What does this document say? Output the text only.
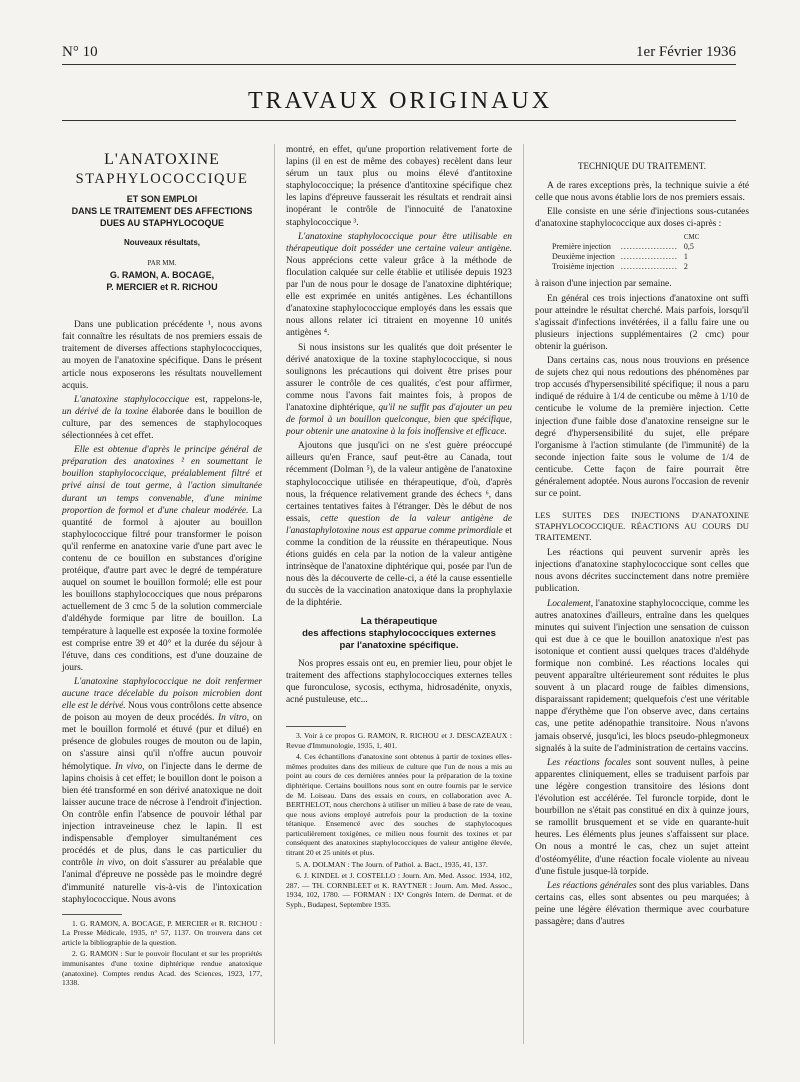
N° 10	1er Février 1936
TRAVAUX ORIGINAUX
L'ANATOXINE
STAPHYLOCOCCIQUE
ET SON EMPLOI
DANS LE TRAITEMENT DES AFFECTIONS
DUES AU STAPHYLOCOQUE
Nouveaux résultats,
PAR MM.
G. RAMON, A. BOCAGE,
P. MERCIER et R. RICHOU

Dans une publication précédente ¹, nous avons fait connaître les résultats de nos premiers essais de traitement de diverses affections staphylococciques, au moyen de l'anatoxine spécifique. Dans le présent article nous exposerons les résultats nouvellement acquis.

L'anatoxine staphylococcique est, rappelons-le, un dérivé de la toxine élaborée dans le bouillon de culture, par des semences de staphylocoques sélectionnées à cet effet.

Elle est obtenue d'après le principe général de préparation des anatoxines ² en soumettant le bouillon staphylococcique, préalablement filtré et privé ainsi de tout germe, à l'action simultanée durant un temps convenable, d'une minime proportion de formol et d'une chaleur modérée. La quantité de formol à ajouter au bouillon staphylococcique filtré pour transformer le poison qu'il renferme en anatoxine varie d'une part avec le contenu de ce bouillon en substances d'origine protéique, d'autre part avec le degré de température auquel on soumet le bouillon formolé; elle est pour les bouillons staphylococciques que nous préparons actuellement de 3 cmc 5 de la solution commerciale d'aldéhyde formique par litre de bouillon. La température à laquelle est exposée la toxine formolée est comprise entre 39 et 40° et la durée du séjour à l'étuve, dans ces conditions, est d'une douzaine de jours.

L'anatoxine staphylococcique ne doit renfermer aucune trace décelable du poison microbien dont elle est le dérivé. Nous vous contrôlons cette absence de poison au moyen de deux procédés. In vitro, on met le bouillon formolé et étuvé (pur et dilué) en présence de globules rouges de mouton ou de lapin, on s'assure ainsi qu'il n'offre aucun pouvoir hémolytique. In vivo, on l'injecte dans le derme de lapins choisis à cet effet; le bouillon dont le poison a bien été transformé en son dérivé anatoxique ne doit laisser aucune trace de nécrose à l'endroit d'injection. On contrôle enfin l'absence de pouvoir léthal par injection intraveineuse chez le lapin. Il est indispensable d'employer simultanément ces procédés et de plus, dans le cas particulier du contrôle in vivo, on doit s'assurer au préalable que l'animal d'épreuve ne possède pas le moindre degré d'immunité naturelle vis-à-vis de l'intoxication staphylococcique. Nous avons

1. G. RAMON, A. BOCAGE, P. MERCIER et R. RICHOU : La Presse Médicale, 1935, n° 57, 1137. On trouvera dans cet article la bibliographie de la question.

2. G. RAMON : Sur le pouvoir floculant et sur les propriétés immunisantes d'une toxine diphtérique rendue anatoxique (anatoxine). Comptes rendus Acad. des Sciences, 1923, 177, 1338.

montré, en effet, qu'une proportion relativement forte de lapins (il en est de même des cobayes) recèlent dans leur sérum un taux plus ou moins élevé d'antitoxine staphylococcique; la présence d'antitoxine spécifique chez les lapins d'épreuve fausserait les résultats et rendrait ainsi inopérant le contrôle de l'innocuité de l'anatoxine staphylococcique ³.

L'anatoxine staphylococcique pour être utilisable en thérapeutique doit posséder une certaine valeur antigène. Nous apprécions cette valeur grâce à la méthode de floculation calquée sur celle établie et utilisée depuis 1923 par l'un de nous pour le dosage de l'anatoxine diphtérique; elle est exprimée en unités antigènes. Les échantillons d'anatoxine staphylococcique employés dans les essais que nous allons relater ici titraient en moyenne 10 unités antigènes ⁴.

Si nous insistons sur les qualités que doit présenter le dérivé anatoxique de la toxine staphylococcique, si nous soulignons les précautions qui doivent être prises pour assurer le contrôle de ces qualités, c'est pour affirmer, comme nous l'avons fait maintes fois, à propos de l'anatoxine diphtérique, qu'il ne suffit pas d'ajouter un peu de formol à un bouillon quelconque, bien que spécifique, pour obtenir une anatoxine à la fois inoffensive et efficace.

Ajoutons que jusqu'ici on ne s'est guère préoccupé ailleurs qu'en France, sauf peut-être au Canada, tout récemment (Dolman ⁵), de la valeur antigène de l'anatoxine staphylococcique utilisée en thérapeutique, d'où, d'après nous, la fréquence relativement grande des échecs ⁶, dans certaines tentatives faites à l'étranger. Dès le début de nos essais, cette question de la valeur antigène de l'anastaphylotoxine nous est apparue comme primordiale et comme la condition de la réussite en thérapeutique. Nous étions guidés en cela par la notion de la valeur antigène intrinsèque de l'anatoxine diphtérique qui, posée par l'un de nous dès la découverte de celle-ci, a été la cause essentielle du succès de la vaccination anatoxique dans la prophylaxie de la diphtérie.

La thérapeutique
des affections staphylococciques externes
par l'anatoxine spécifique.

Nos propres essais ont eu, en premier lieu, pour objet le traitement des affections staphylococciques externes telles que furonculose, sycosis, ecthyma, hidrosadénite, onyxis, acné pustuleuse, etc...

3. Voir à ce propos G. RAMON, R. RICHOU et J. DESCAZEAUX : Revue d'Immunologie, 1935, 1, 401.

4. Ces échantillons d'anatoxine sont obtenus à partir de toxines elles-mêmes produites dans des milieux de culture que l'un de nous a mis au point au cours de ces dernières années pour la préparation de la toxine diphtérique. Certains bouillons nous sont en outre fournis par le service de M. Loiseau. Dans des essais en cours, en collaboration avec A. BERTHELOT, nous cherchons à utiliser un milieu à base de rate de veau, que nous avions employé autrefois pour la production de la toxine tétanique. Ensemencé avec des souches de staphylocoques particulièrement toxigènes, ce milieu nous fournit des toxines et par conséquent des anatoxines staphylococciques de valeur antigène élevée, titrant 20 et 25 unités et plus.

5. A. DOLMAN : The Journ. of Pathol. a. Bact., 1935, 41, 137.

6. J. KINDEL et J. COSTELLO : Journ. Am. Med. Assoc. 1934, 102, 287. — TH. CORNBLEET et K. RAYTNER : Journ. Am. Med. Assoc., 1934, 102, 1780. — FORMAN : IXᵉ Congrès Intern. de Dermat. et de Syph., Budapest, Septembre 1935.

TECHNIQUE DU TRAITEMENT.

A de rares exceptions près, la technique suivie a été celle que nous avons établie lors de nos premiers essais.

Elle consiste en une série d'injections sous-cutanées d'anatoxine staphylococcique aux doses ci-après :

		CMC
Première injection	...................	0,5
Deuxième injection	...................	1
Troisième injection	...................	2

à raison d'une injection par semaine.

En général ces trois injections d'anatoxine ont suffi pour atteindre le résultat cherché. Mais parfois, lorsqu'il s'agissait d'infections invétérées, il a fallu faire une ou plusieurs injections supplémentaires (2 cmc) pour obtenir la guérison.

Dans certains cas, nous nous trouvions en présence de sujets chez qui nous redoutions des phénomènes par trop accusés d'hypersensibilité spécifique; il nous a paru indiqué de réduire à 1/4 de centicube ou même à 1/10 de centicube le volume de la première injection. Cette injection d'une faible dose d'anatoxine renseigne sur le degré d'hypersensibilité du sujet, elle prépare l'organisme à l'action stimulante (de l'immunité) de la seconde injection faite sous le volume de 1/4 de centicube. Cette façon de faire pourrait être généralement adoptée. Nous aurons l'occasion de revenir sur ce point.

LES SUITES DES INJECTIONS D'ANATOXINE STAPHYLOCOCCIQUE. RÉACTIONS AU COURS DU TRAITEMENT.

Les réactions qui peuvent survenir après les injections d'anatoxine staphylococcique sont celles que nous avons décrites succinctement dans notre première publication.

Localement, l'anatoxine staphylococcique, comme les autres anatoxines d'ailleurs, entraîne dans les quelques minutes qui suivent l'injection une sensation de cuisson qui est due à ce que le bouillon anatoxique n'est pas isotonique et contient aussi quelques traces d'aldéhyde formique non combiné. Les réactions locales qui peuvent apparaître ultérieurement sont réduites le plus souvent à un placard rouge de faibles dimensions, disparaissant rapidement; quelquefois c'est une véritable nappe d'érythème que l'on observe avec, dans certains cas, une petite adénopathie transitoire. Nous n'avons jamais observé, jusqu'ici, les blocs pseudo-phlegmoneux signalés à la suite de l'administration de certains vaccins.

Les réactions focales sont souvent nulles, à peine apparentes cliniquement, elles se traduisent parfois par une légère congestion transitoire des lésions dont l'évolution est accélérée. Tel furoncle torpide, dont le bourbillon ne s'était pas constitué en dix à quinze jours, se ramollit brusquement et se vide en quarante-huit heures. Les éléments plus jeunes s'affaissent sur place. On nous a montré le cas, chez un sujet atteint d'ostéomyélite, d'une réaction focale violente au niveau d'une fistule jusque-là torpide.

Les réactions générales sont des plus variables. Dans certains cas, elles sont absentes ou peu marquées; à peine une légère élévation thermique avec courbature passagère; dans d'autres
